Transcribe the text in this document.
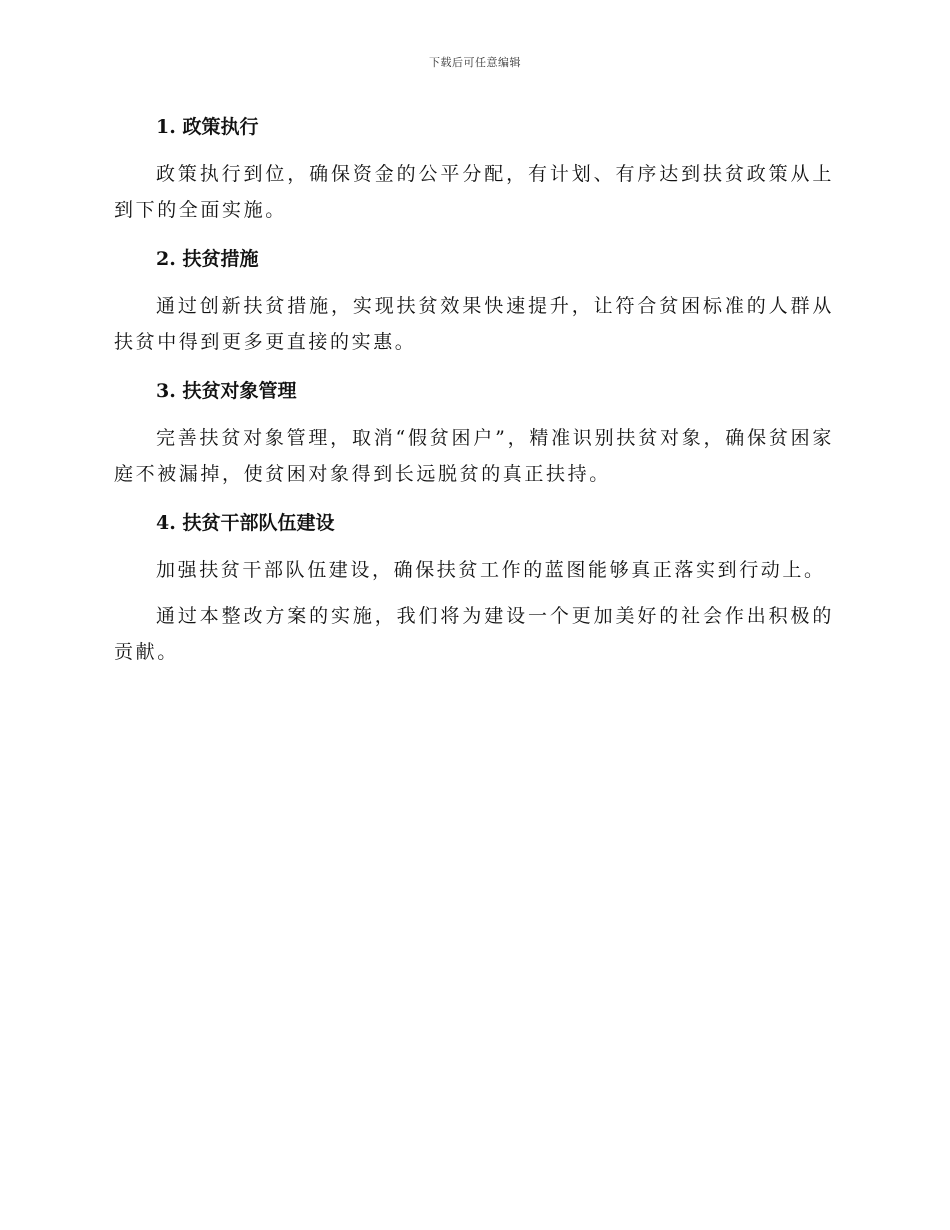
下载后可任意编辑
1. 政策执行

政策执行到位，确保资金的公平分配，有计划、有序达到扶贫政策从上到下的全面实施。

2. 扶贫措施

通过创新扶贫措施，实现扶贫效果快速提升，让符合贫困标准的人群从扶贫中得到更多更直接的实惠。

3. 扶贫对象管理

完善扶贫对象管理，取消“假贫困户”，精准识别扶贫对象，确保贫困家庭不被漏掉，使贫困对象得到长远脱贫的真正扶持。

4. 扶贫干部队伍建设

加强扶贫干部队伍建设，确保扶贫工作的蓝图能够真正落实到行动上。

通过本整改方案的实施，我们将为建设一个更加美好的社会作出积极的贡献。
